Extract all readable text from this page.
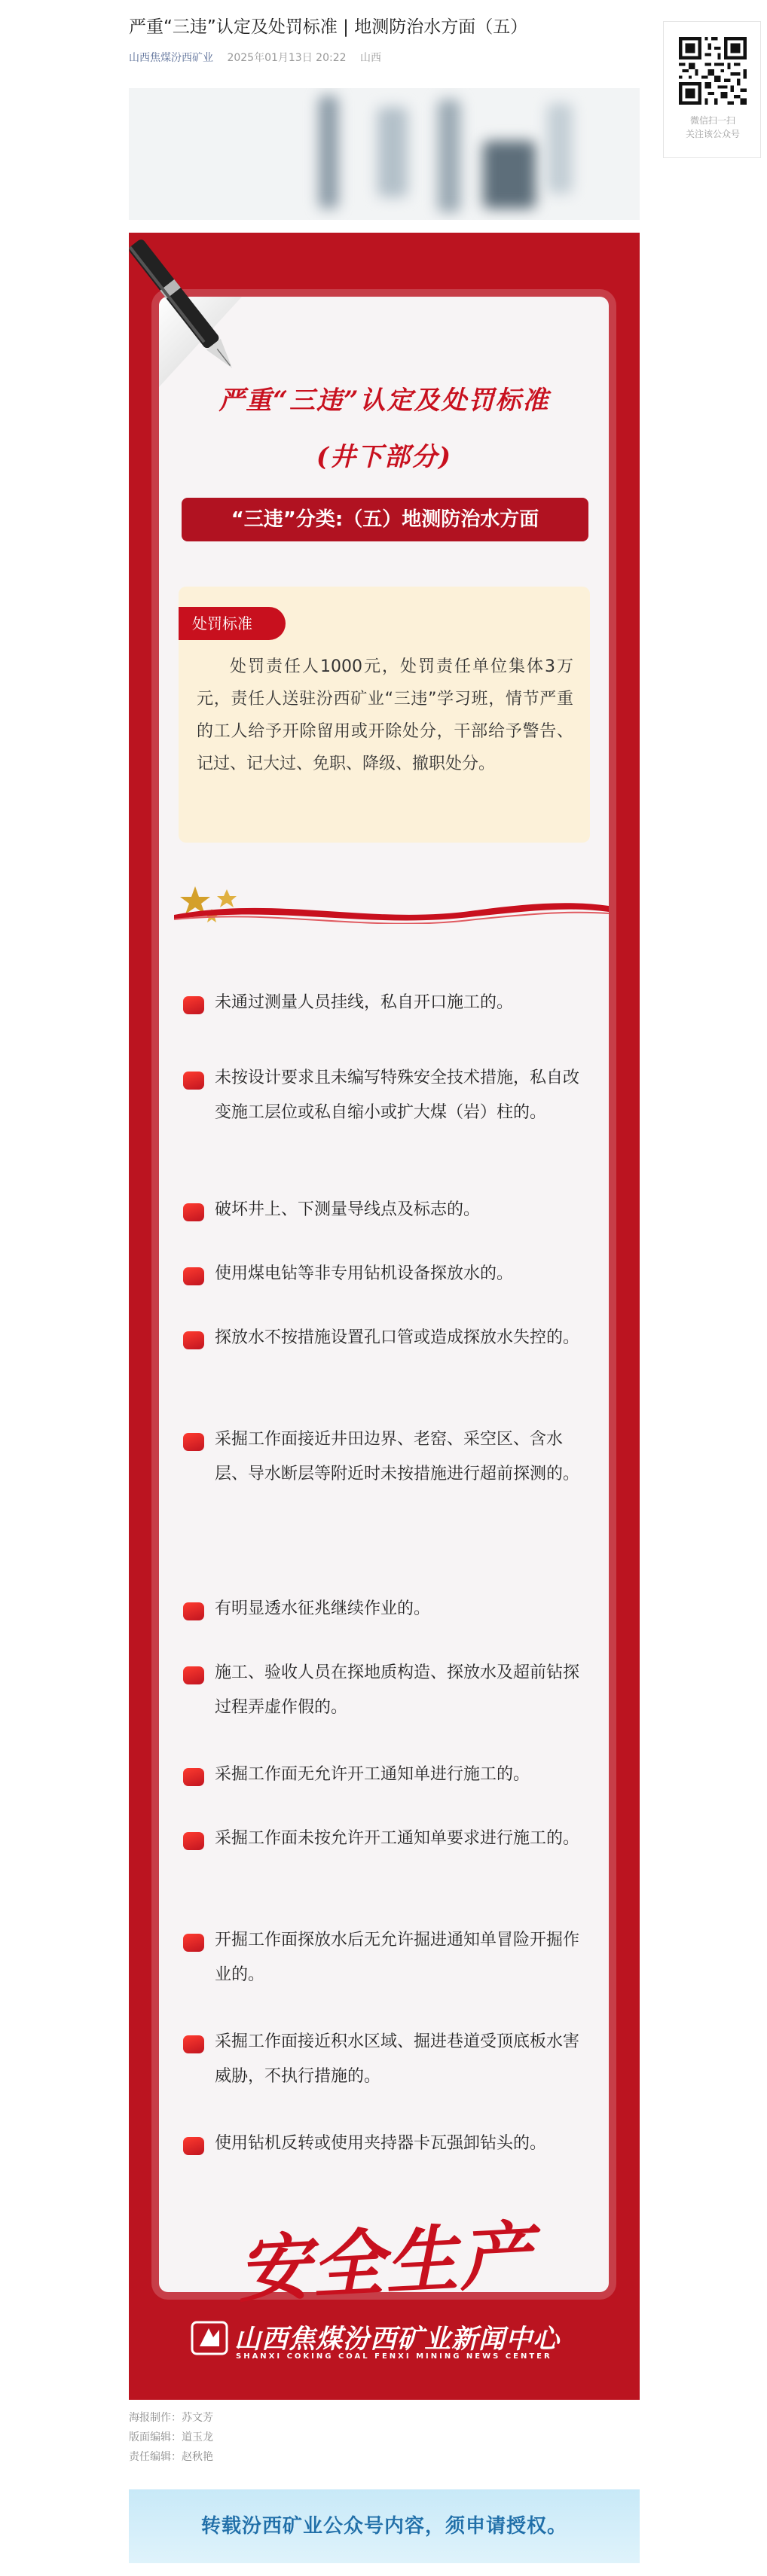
严重“三违”认定及处罚标准 | 地测防治水方面（五）
山西焦煤汾西矿业 2025年01月13日 20:22 山西
微信扫一扫
关注该公众号
严重“三违”认定及处罚标准
(井下部分)
“三违”分类:（五）地测防治水方面
处罚标准
处罚责任人1000元，处罚责任单位集体3万元，责任人送驻汾西矿业“三违”学习班，情节严重的工人给予开除留用或开除处分，干部给予警告、记过、记大过、免职、降级、撤职处分。
未通过测量人员挂线，私自开口施工的。
未按设计要求且未编写特殊安全技术措施，私自改变施工层位或私自缩小或扩大煤（岩）柱的。
破坏井上、下测量导线点及标志的。
使用煤电钻等非专用钻机设备探放水的。
探放水不按措施设置孔口管或造成探放水失控的。
采掘工作面接近井田边界、老窑、采空区、含水层、导水断层等附近时未按措施进行超前探测的。
有明显透水征兆继续作业的。
施工、验收人员在探地质构造、探放水及超前钻探过程弄虚作假的。
采掘工作面无允许开工通知单进行施工的。
采掘工作面未按允许开工通知单要求进行施工的。
开掘工作面探放水后无允许掘进通知单冒险开掘作业的。
采掘工作面接近积水区域、掘进巷道受顶底板水害威胁，不执行措施的。
使用钻机反转或使用夹持器卡瓦强卸钻头的。
安全生产
山西焦煤汾西矿业新闻中心
SHANXI COKING COAL FENXI MINING NEWS CENTER
海报制作：苏文芳
版面编辑：道玉龙
责任编辑：赵秋艳
转载汾西矿业公众号内容，须申请授权。
